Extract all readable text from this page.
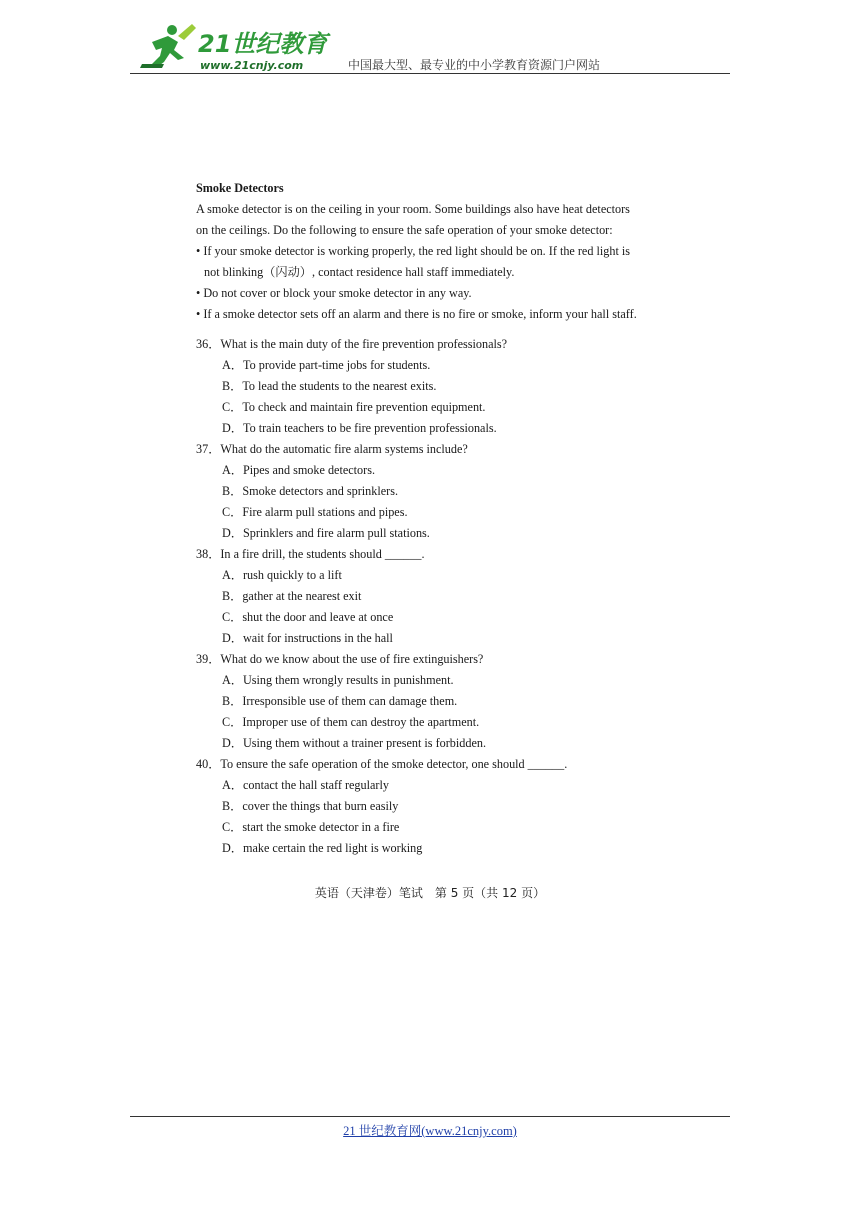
21世纪教育
www.21cnjy.com	中国最大型、最专业的中小学教育资源门户网站
Smoke Detectors
A smoke detector is on the ceiling in your room. Some buildings also have heat detectors
on the ceilings. Do the following to ensure the safe operation of your smoke detector:
• If your smoke detector is working properly, the red light should be on. If the red light is
not blinking（闪动）, contact residence hall staff immediately.
• Do not cover or block your smoke detector in any way.
• If a smoke detector sets off an alarm and there is no fire or smoke, inform your hall staff.
36．What is the main duty of the fire prevention professionals?
A．To provide part-time jobs for students.
B．To lead the students to the nearest exits.
C．To check and maintain fire prevention equipment.
D．To train teachers to be fire prevention professionals.
37．What do the automatic fire alarm systems include?
A．Pipes and smoke detectors.
B．Smoke detectors and sprinklers.
C．Fire alarm pull stations and pipes.
D．Sprinklers and fire alarm pull stations.
38．In a fire drill, the students should ______.
A．rush quickly to a lift
B．gather at the nearest exit
C．shut the door and leave at once
D．wait for instructions in the hall
39．What do we know about the use of fire extinguishers?
A．Using them wrongly results in punishment.
B．Irresponsible use of them can damage them.
C．Improper use of them can destroy the apartment.
D．Using them without a trainer present is forbidden.
40．To ensure the safe operation of the smoke detector, one should ______.
A．contact the hall staff regularly
B．cover the things that burn easily
C．start the smoke detector in a fire
D．make certain the red light is working
英语（天津卷）笔试　第 5 页（共 12 页）
21 世纪教育网(www.21cnjy.com)
